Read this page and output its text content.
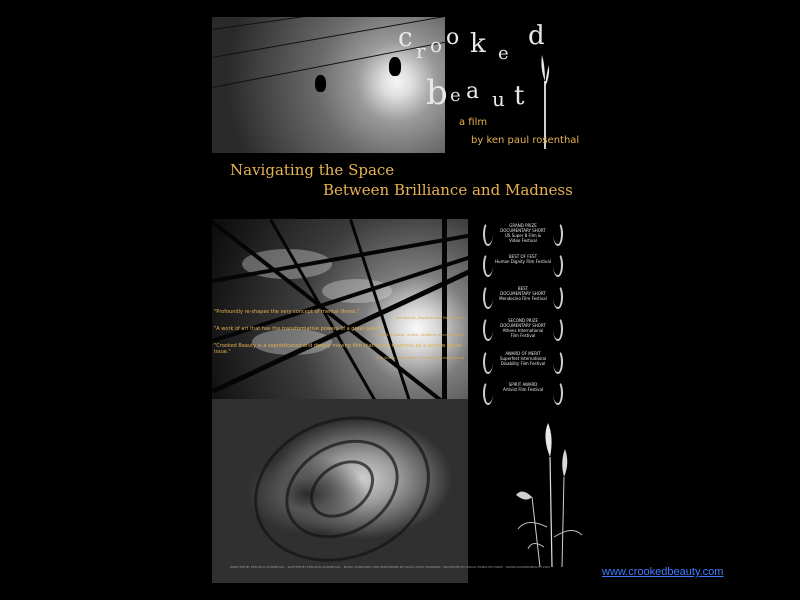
c r o o k e
d
b e a u t
a film
by ken paul rosenthal
Navigating the Space
Between Brilliance and Madness
"Profoundly re-shapes the very concept of mental illness."
Bill Nichols, Documentary Film Scholar
"A work of art that has the transformative powers of a great poem."
Robert Whitaker, Author, Anatomy of an Epidemic
"Crooked Beauty is a sophisticated and deeply moving film that treats madness as a serious social issue."
Sam Green, Filmmaker, The Weather Underground
GRAND PRIZE
DOCUMENTARY SHORT
US Super 8 Film &
Video Festival
BEST OF FEST
Human Dignity Film Festival
BEST
DOCUMENTARY SHORT
Mendocino Film Festival
SECOND PRIZE
DOCUMENTARY SHORT
Athens International
Film Festival
AWARD OF MERIT
Superfest International
Disability Film Festival
SPIRIT AWARD
Artivist Film Festival
DIRECTED BY KEN PAUL ROSENTHAL · WRITTEN BY KEN PAUL ROSENTHAL · MUSIC COMPOSED AND PERFORMED BY JACKS LAVELY PARKMAN · PRODUCED BY IMAGO MUNDI PICTURES · WWW.CROOKEDBEAUTY.COM	www.crookedbeauty.com
